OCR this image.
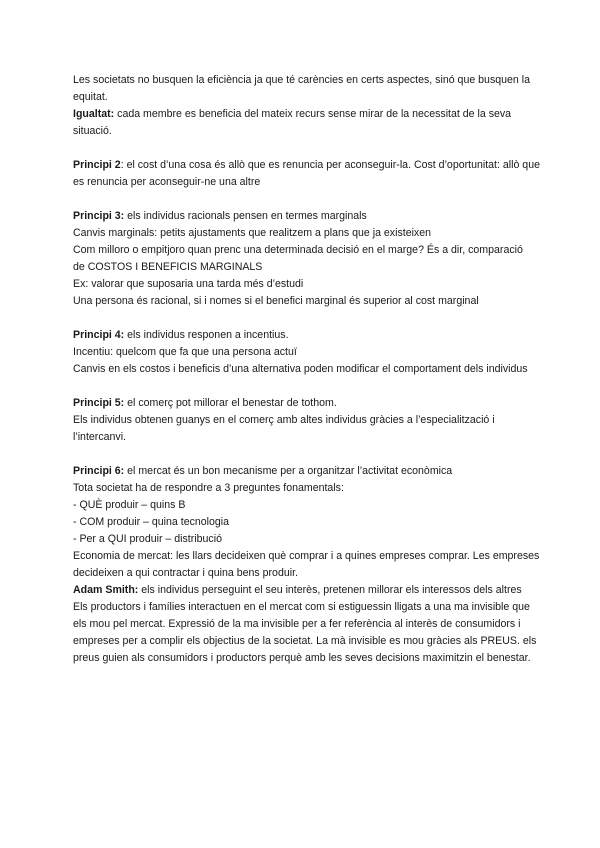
Les societats no busquen la eficiència ja que té carències en certs aspectes, sinó que busquen la equitat.

Igualtat: cada membre es beneficia del mateix recurs sense mirar de la necessitat de la seva situació.

Principi 2: el cost d’una cosa és allò que es renuncia per aconseguir-la. Cost d’oportunitat: allò que es renuncia per aconseguir-ne una altre

Principi 3: els individus racionals pensen en termes marginals

Canvis marginals: petits ajustaments que realitzem a plans que ja existeixen

Com milloro o empitjoro quan prenc una determinada decisió en el marge? És a dir, comparació

de COSTOS I BENEFICIS MARGINALS

Ex: valorar que suposaria una tarda més d’estudi

Una persona és racional, si i nomes si el benefici marginal és superior al cost marginal

Principi 4: els individus responen a incentius.

Incentiu: quelcom que fa que una persona actuï

Canvis en els costos i beneficis d’una alternativa poden modificar el comportament dels individus

Principi 5: el comerç pot millorar el benestar de tothom.

Els individus obtenen guanys en el comerç amb altes individus gràcies a l’especialització i l’intercanvi.

Principi 6: el mercat és un bon mecanisme per a organitzar l’activitat econòmica

Tota societat ha de respondre a 3 preguntes fonamentals:

- QUÈ produir – quins B

- COM produir – quina tecnologia

- Per a QUI produir – distribució

Economia de mercat: les llars decideixen què comprar i a quines empreses comprar. Les empreses decideixen a qui contractar i quina bens produir.

Adam Smith: els individus perseguint el seu interès, pretenen millorar els interessos dels altres

Els productors i famílies interactuen en el mercat com si estiguessin lligats a una ma invisible que els mou pel mercat. Expressió de la ma invisible per a fer referència al interès de consumidors i empreses per a complir els objectius de la societat. La mà invisible es mou gràcies als PREUS. els preus guien als consumidors i productors perquè amb les seves decisions maximitzin el benestar.
